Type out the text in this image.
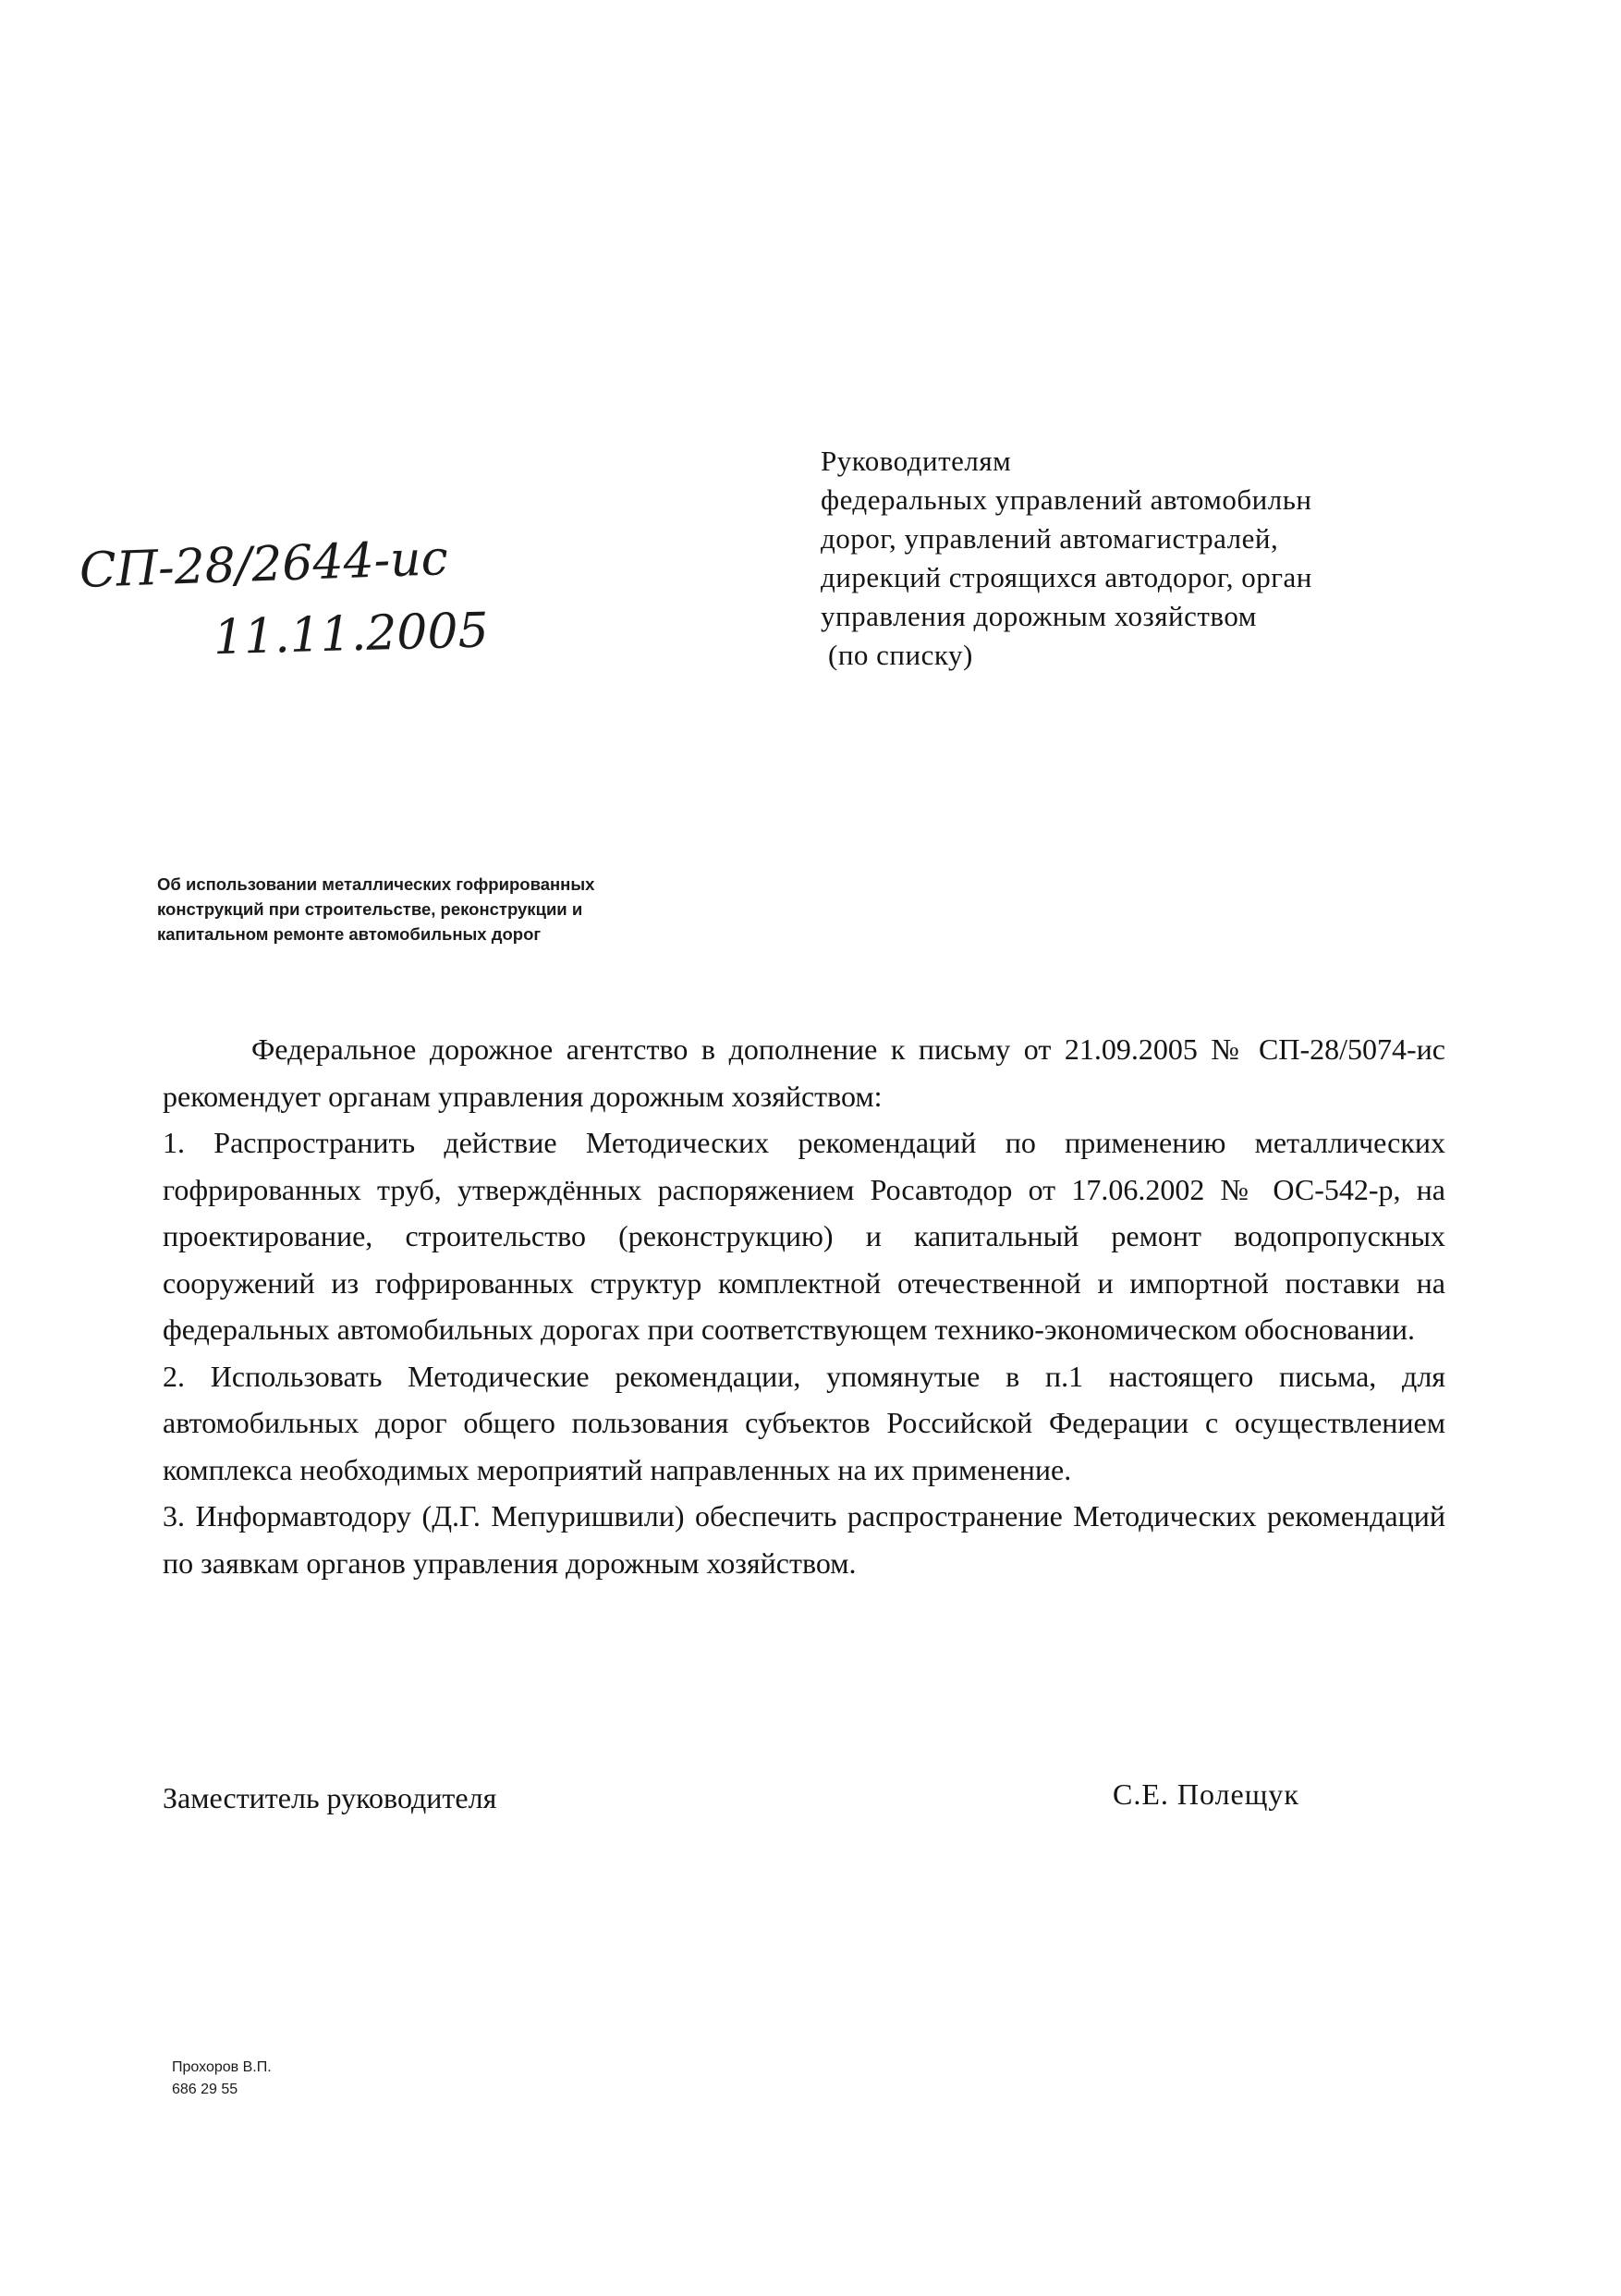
Руководителям
федеральных управлений автомобильн
дорог, управлений автомагистралей,
дирекций строящихся автодорог, орган
управления дорожным хозяйством
(по списку)
СП-28/2644-ис
11.11.2005
Об использовании металлических гофрированных
конструкций при строительстве, реконструкции и
капитальном ремонте автомобильных дорог

Федеральное дорожное агентство в дополнение к письму от 21.09.2005 № СП-28/5074-ис рекомендует органам управления дорожным хозяйством:

1. Распространить действие Методических рекомендаций по применению металлических гофрированных труб, утверждённых распоряжением Росавтодор от 17.06.2002 № ОС-542-р, на проектирование, строительство (реконструкцию) и капитальный ремонт водопропускных сооружений из гофрированных структур комплектной отечественной и импортной поставки на федеральных автомобильных дорогах при соответствующем технико-экономическом обосновании.

2. Использовать Методические рекомендации, упомянутые в п.1 настоящего письма, для автомобильных дорог общего пользования субъектов Российской Федерации с осуществлением комплекса необходимых мероприятий направленных на их применение.

3. Информавтодору (Д.Г. Мепуришвили) обеспечить распространение Методических рекомендаций по заявкам органов управления дорожным хозяйством.

Заместитель руководителя	С.Е. Полещук
Прохоров В.П.
686 29 55
